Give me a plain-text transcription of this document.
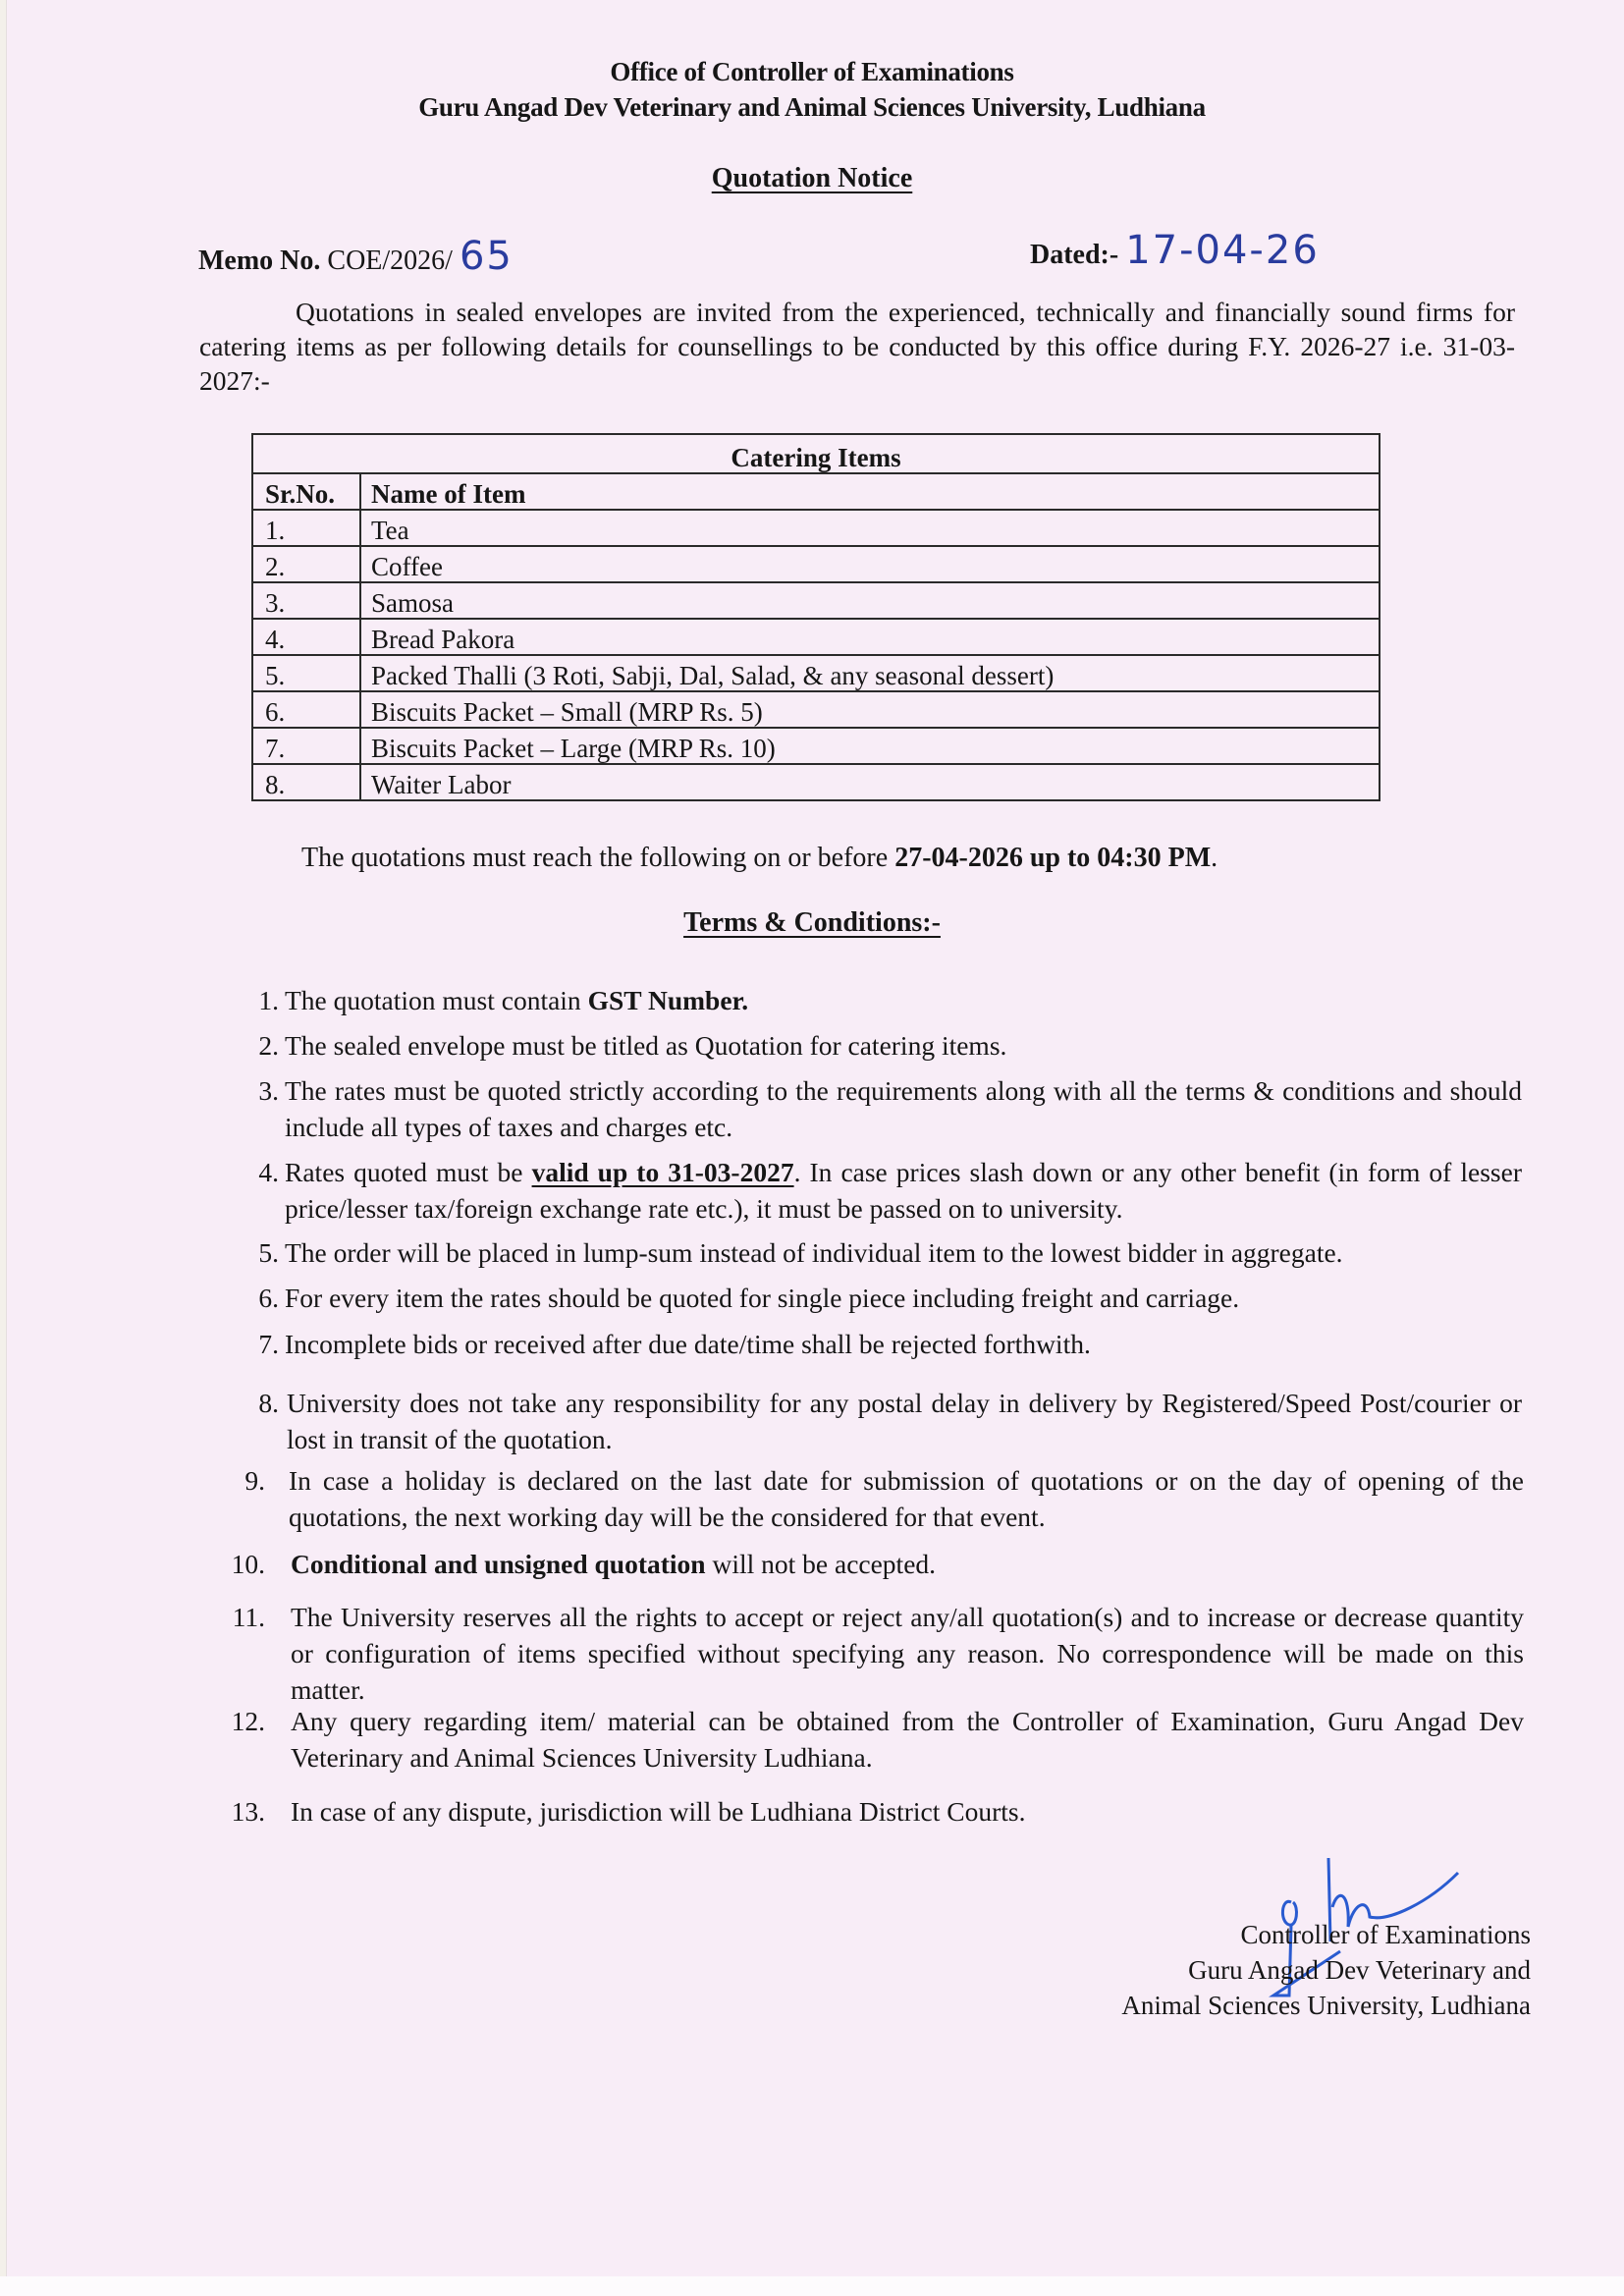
Office of Controller of Examinations
Guru Angad Dev Veterinary and Animal Sciences University, Ludhiana
Quotation Notice
Memo No. COE/2026/ 65	Dated:- 17-04-26
Quotations in sealed envelopes are invited from the experienced, technically and financially sound firms for catering items as per following details for counsellings to be conducted by this office during F.Y. 2026-27 i.e. 31-03-2027:-
Catering Items	
Sr.No.	Name of Item
1.	Tea
2.	Coffee
3.	Samosa
4.	Bread Pakora
5.	Packed Thalli (3 Roti, Sabji, Dal, Salad, & any seasonal dessert)
6.	Biscuits Packet – Small (MRP Rs. 5)
7.	Biscuits Packet – Large (MRP Rs. 10)
8.	Waiter Labor
The quotations must reach the following on or before 27-04-2026 up to 04:30 PM.
Terms & Conditions:-
1. The quotation must contain GST Number.
2. The sealed envelope must be titled as Quotation for catering items.
3. The rates must be quoted strictly according to the requirements along with all the terms & conditions and should include all types of taxes and charges etc.
4. Rates quoted must be valid up to 31-03-2027. In case prices slash down or any other benefit (in form of lesser price/lesser tax/foreign exchange rate etc.), it must be passed on to university.
5. The order will be placed in lump-sum instead of individual item to the lowest bidder in aggregate.
6. For every item the rates should be quoted for single piece including freight and carriage.
7. Incomplete bids or received after due date/time shall be rejected forthwith.
8. University does not take any responsibility for any postal delay in delivery by Registered/Speed Post/courier or lost in transit of the quotation.
9. In case a holiday is declared on the last date for submission of quotations or on the day of opening of the quotations, the next working day will be the considered for that event.
10. Conditional and unsigned quotation will not be accepted.
11. The University reserves all the rights to accept or reject any/all quotation(s) and to increase or decrease quantity or configuration of items specified without specifying any reason. No correspondence will be made on this matter.
12. Any query regarding item/ material can be obtained from the Controller of Examination, Guru Angad Dev Veterinary and Animal Sciences University Ludhiana.
13. In case of any dispute, jurisdiction will be Ludhiana District Courts.
Controller of Examinations
Guru Angad Dev Veterinary and
Animal Sciences University, Ludhiana
